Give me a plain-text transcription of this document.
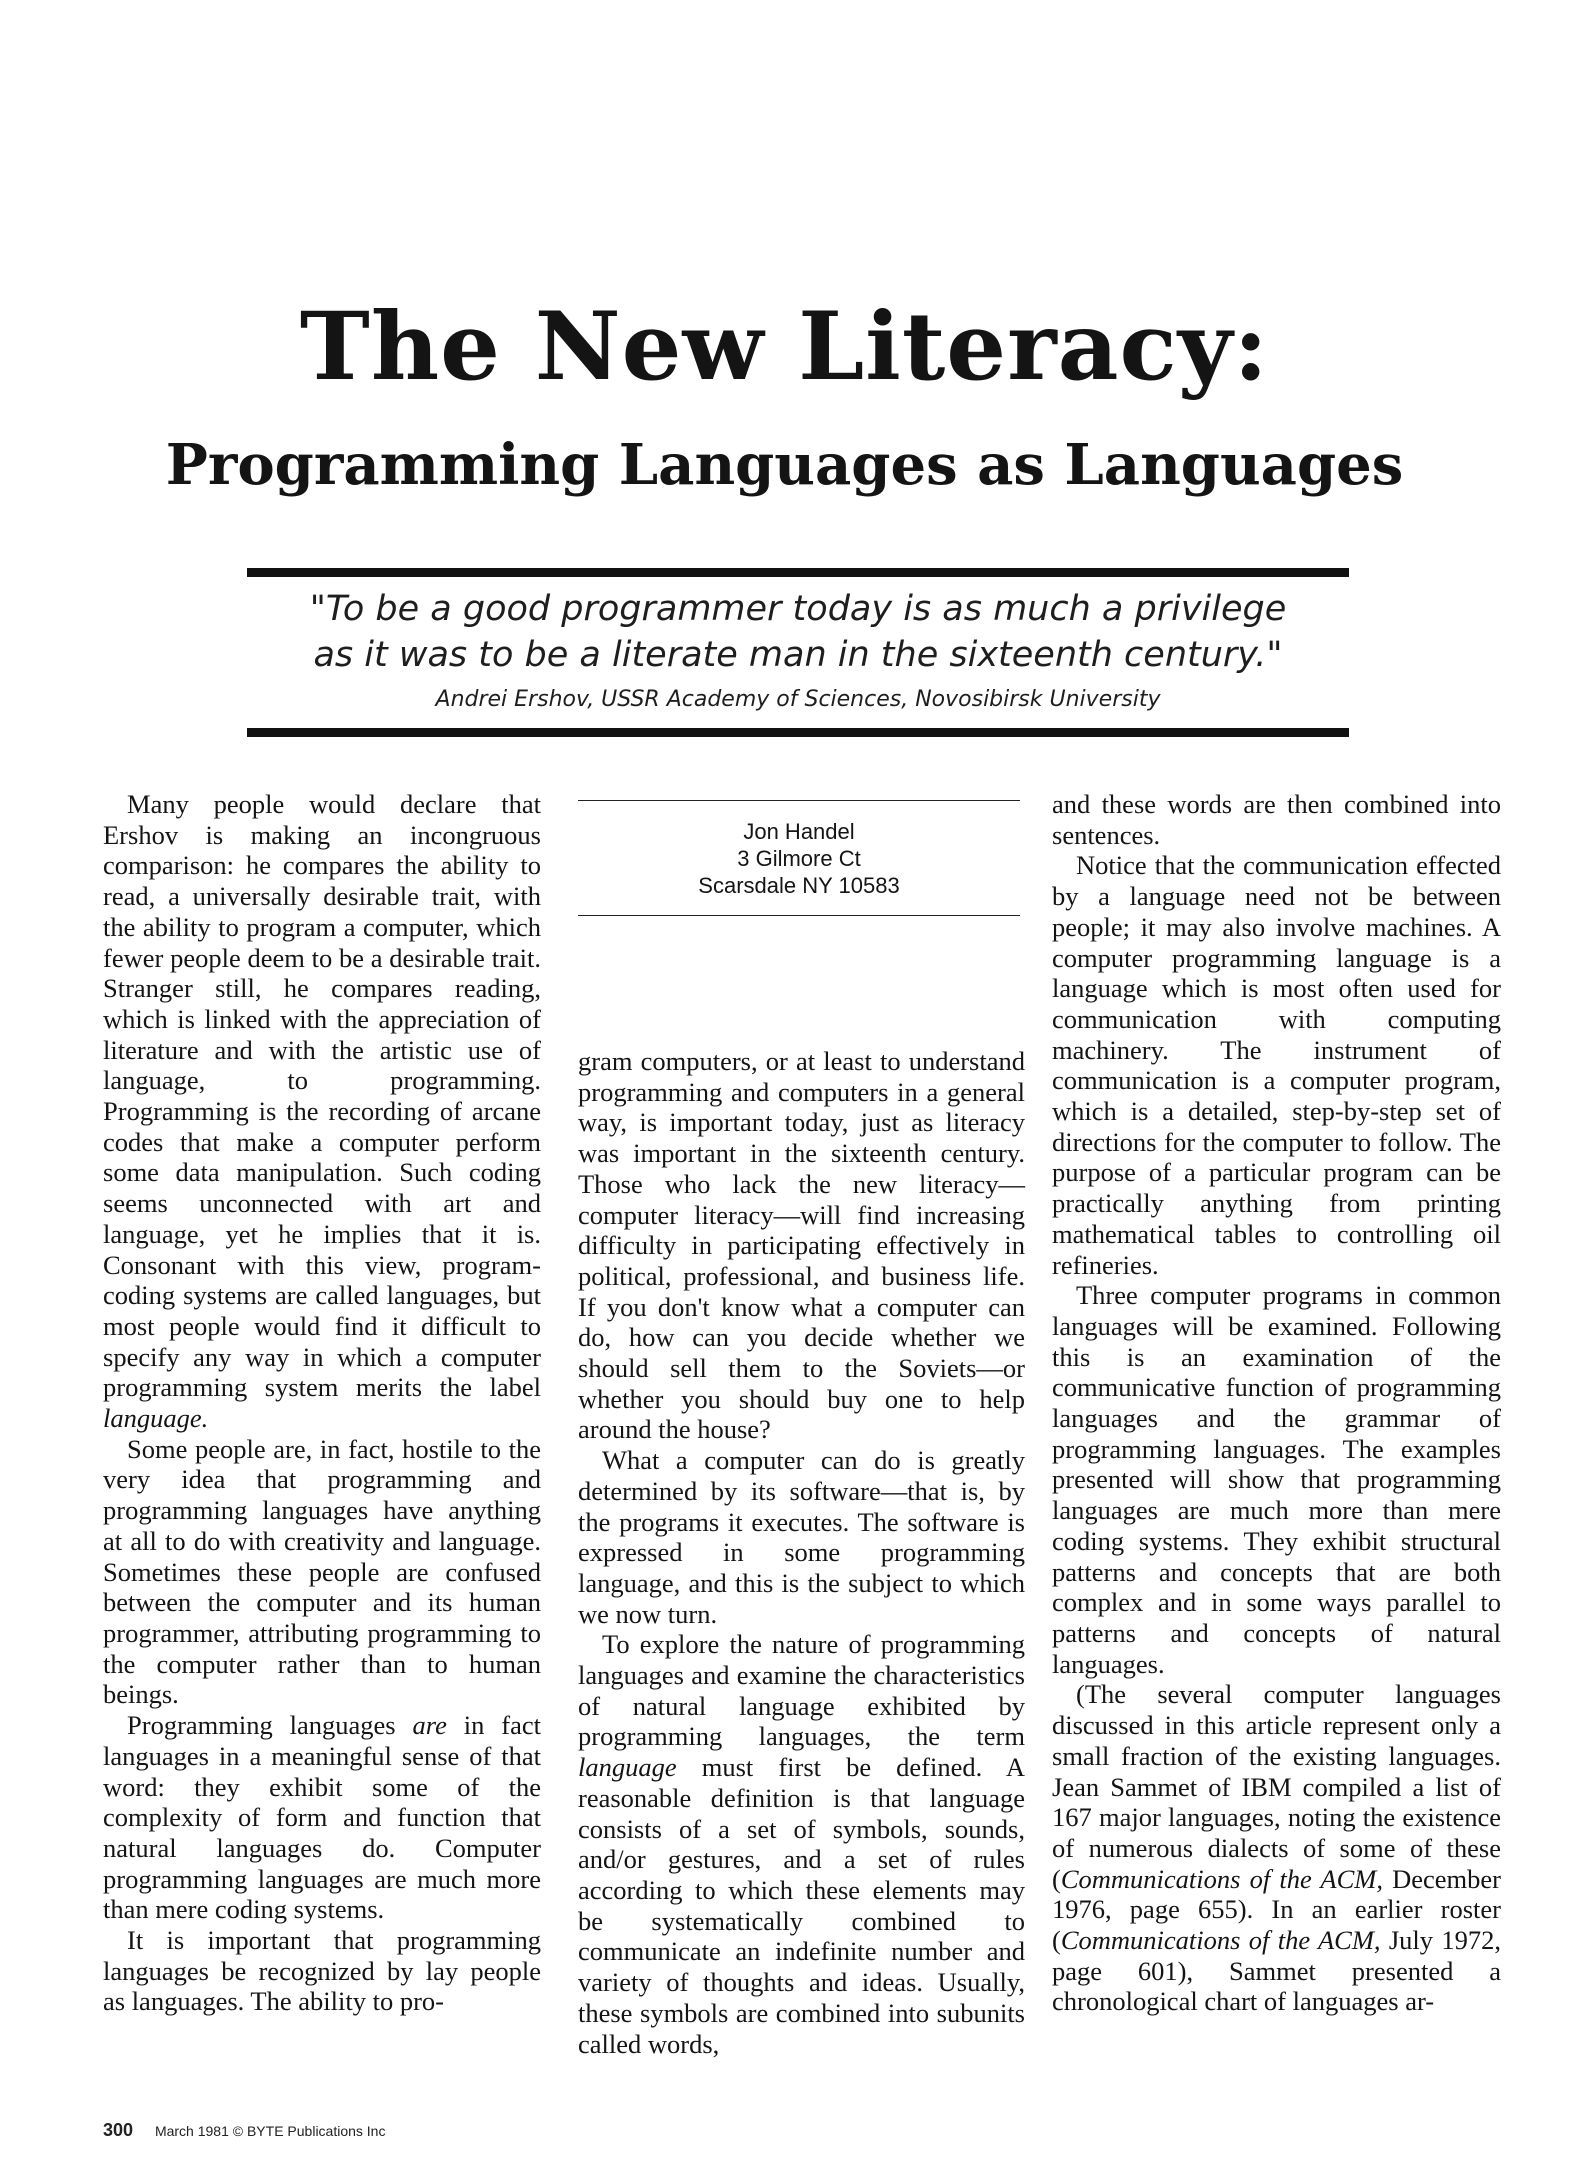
The New Literacy:
Programming Languages as Languages
"To be a good programmer today is as much a privilege
as it was to be a literate man in the sixteenth century."
Andrei Ershov, USSR Academy of Sciences, Novosibirsk University

Many people would declare that Ershov is making an incongruous comparison: he compares the ability to read, a universally desirable trait, with the ability to program a computer, which fewer people deem to be a desirable trait. Stranger still, he compares reading, which is linked with the appreciation of literature and with the artistic use of language, to programming. Programming is the recording of arcane codes that make a computer perform some data manipulation. Such coding seems unconnected with art and language, yet he implies that it is. Consonant with this view, program-coding systems are called languages, but most people would find it difficult to specify any way in which a computer programming system merits the label language.

Some people are, in fact, hostile to the very idea that programming and programming languages have anything at all to do with creativity and language. Sometimes these people are confused between the computer and its human programmer, attributing programming to the computer rather than to human beings.

Programming languages are in fact languages in a meaningful sense of that word: they exhibit some of the complexity of form and function that natural languages do. Computer programming languages are much more than mere coding systems.

It is important that programming languages be recognized by lay people as languages. The ability to pro-

Jon Handel
3 Gilmore Ct
Scarsdale NY 10583

gram computers, or at least to understand programming and computers in a general way, is important today, just as literacy was important in the sixteenth century. Those who lack the new literacy—computer literacy—will find increasing difficulty in participating effectively in political, professional, and business life. If you don't know what a computer can do, how can you decide whether we should sell them to the Soviets—or whether you should buy one to help around the house?

What a computer can do is greatly determined by its software—that is, by the programs it executes. The software is expressed in some programming language, and this is the subject to which we now turn.

To explore the nature of programming languages and examine the characteristics of natural language exhibited by programming languages, the term language must first be defined. A reasonable definition is that language consists of a set of symbols, sounds, and/or gestures, and a set of rules according to which these elements may be systematically combined to communicate an indefinite number and variety of thoughts and ideas. Usually, these symbols are combined into subunits called words,

and these words are then combined into sentences.

Notice that the communication effected by a language need not be between people; it may also involve machines. A computer programming language is a language which is most often used for communication with computing machinery. The instrument of communication is a computer program, which is a detailed, step-by-step set of directions for the computer to follow. The purpose of a particular program can be practically anything from printing mathematical tables to controlling oil refineries.

Three computer programs in common languages will be examined. Following this is an examination of the communicative function of programming languages and the grammar of programming languages. The examples presented will show that programming languages are much more than mere coding systems. They exhibit structural patterns and concepts that are both complex and in some ways parallel to patterns and concepts of natural languages.

(The several computer languages discussed in this article represent only a small fraction of the existing languages. Jean Sammet of IBM compiled a list of 167 major languages, noting the existence of numerous dialects of some of these (Communications of the ACM, December 1976, page 655). In an earlier roster (Communications of the ACM, July 1972, page 601), Sammet presented a chronological chart of languages ar-

300 March 1981 © BYTE Publications Inc
